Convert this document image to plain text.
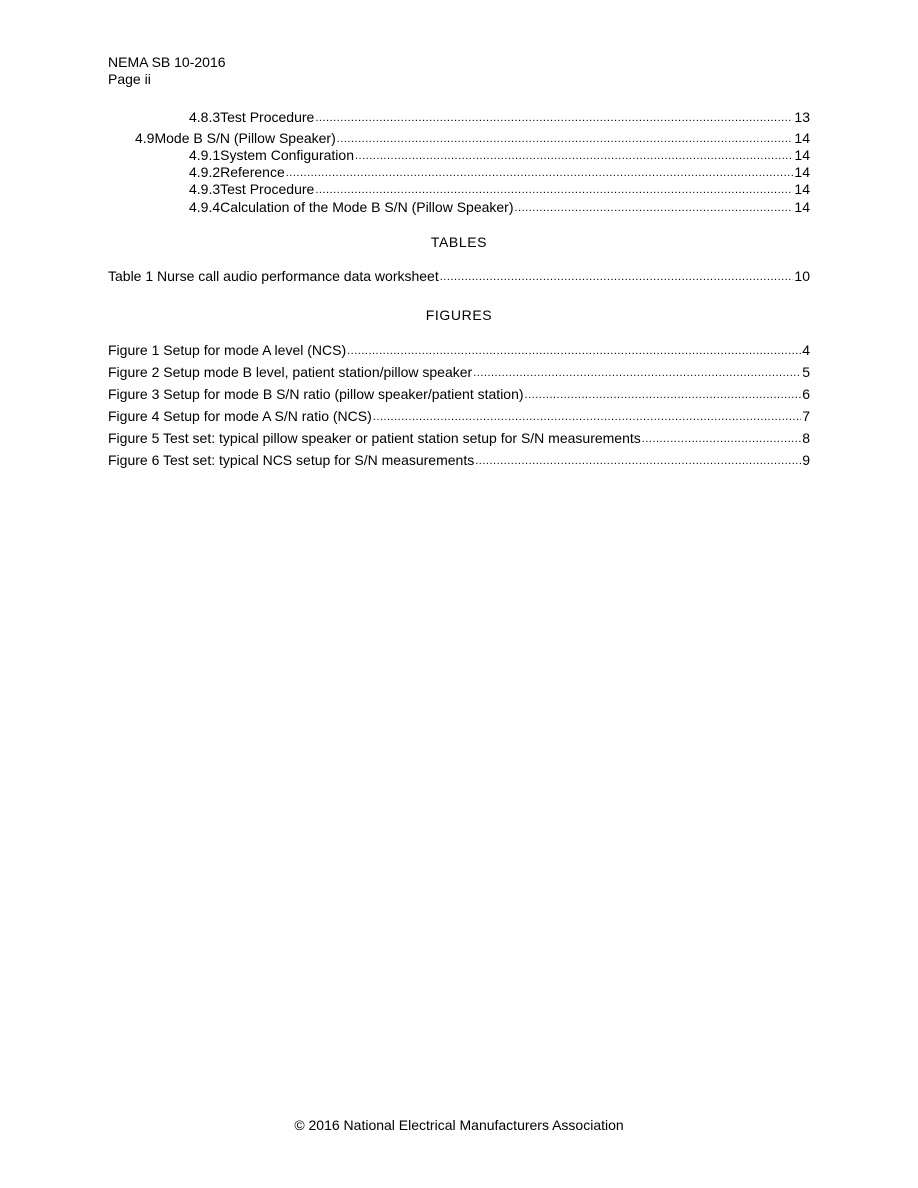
NEMA SB 10-2016
Page ii
4.8.3 Test Procedure .....	13
4.9 Mode B S/N (Pillow Speaker) .....	14
4.9.1 System Configuration .....	14
4.9.2 Reference .....	14
4.9.3 Test Procedure .....	14
4.9.4 Calculation of the Mode B S/N (Pillow Speaker) .....	14
TABLES
Table 1 Nurse call audio performance data worksheet .....	10
FIGURES
Figure 1 Setup for mode A level (NCS) .....	4
Figure 2 Setup mode B level, patient station/pillow speaker .....	5
Figure 3 Setup for mode B S/N ratio (pillow speaker/patient station) .....	6
Figure 4 Setup for mode A S/N ratio (NCS) .....	7
Figure 5 Test set: typical pillow speaker or patient station setup for S/N measurements .....	8
Figure 6 Test set: typical NCS setup for S/N measurements .....	9
© 2016 National Electrical Manufacturers Association
